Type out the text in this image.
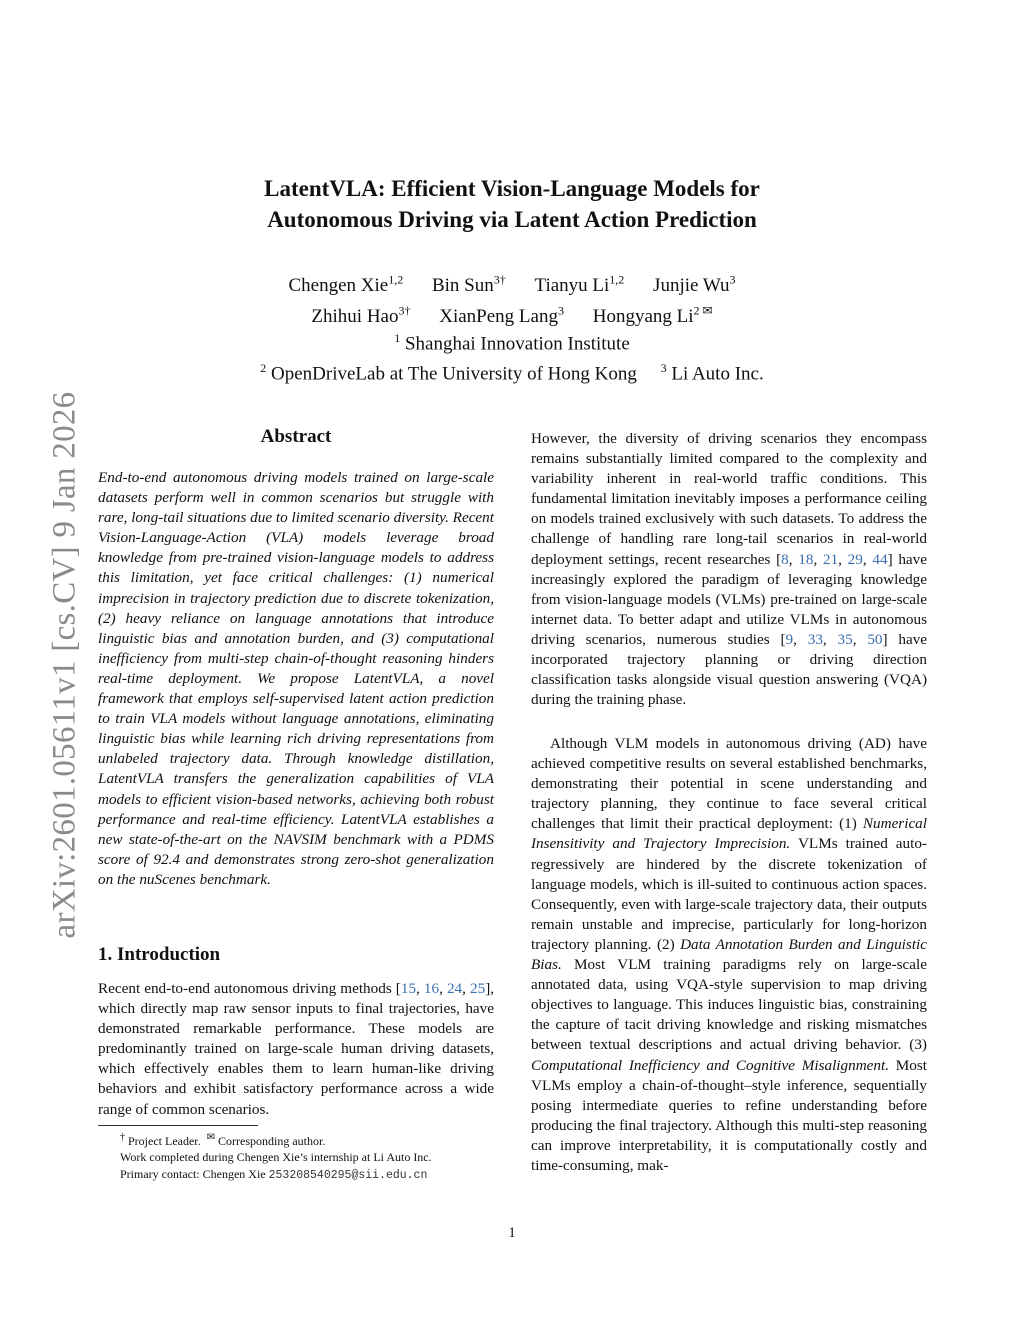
arXiv:2601.05611v1 [cs.CV] 9 Jan 2026
LatentVLA: Efficient Vision-Language Models for
Autonomous Driving via Latent Action Prediction
Chengen Xie$^{1,2}$ Bin Sun$^{3\dagger}$ Tianyu Li$^{1,2}$ Junjie Wu$^3$
Zhihui Hao$^{3\dagger}$ XianPeng Lang$^3$ Hongyang $Li^{2 ✉}$
$^1$ Shanghai Innovation Institute
$^2$ OpenDriveLab at The University of Hong Kong $^3$ Li Auto Inc.
Abstract

End-to-end autonomous driving models trained on large-scale datasets perform well in common scenarios but struggle with rare, long-tail situations due to limited scenario diversity. Recent Vision-Language-Action (VLA) models leverage broad knowledge from pre-trained vision-language models to address this limitation, yet face critical challenges: (1) numerical imprecision in trajectory prediction due to discrete tokenization, (2) heavy reliance on language annotations that introduce linguistic bias and annotation burden, and (3) computational inefficiency from multi-step chain-of-thought reasoning hinders real-time deployment. We propose LatentVLA, a novel framework that employs self-supervised latent action prediction to train VLA models without language annotations, eliminating linguistic bias while learning rich driving representations from unlabeled trajectory data. Through knowledge distillation, LatentVLA transfers the generalization capabilities of VLA models to efficient vision-based networks, achieving both robust performance and real-time efficiency. LatentVLA establishes a new state-of-the-art on the NAVSIM benchmark with a PDMS score of 92.4 and demonstrates strong zero-shot generalization on the nuScenes benchmark.

1. Introduction

Recent end-to-end autonomous driving methods [15, 16, 24, 25], which directly map raw sensor inputs to final trajectories, have demonstrated remarkable performance. These models are predominantly trained on large-scale human driving datasets, which effectively enables them to learn human-like driving behaviors and exhibit satisfactory performance across a wide range of common scenarios.

† Project Leader. ✉ Corresponding author.
Work completed during Chengen Xie’s internship at Li Auto Inc.
Primary contact: Chengen Xie 253208540295@sii.edu.cn

However, the diversity of driving scenarios they encompass remains substantially limited compared to the complexity and variability inherent in real-world traffic conditions. This fundamental limitation inevitably imposes a performance ceiling on models trained exclusively with such datasets. To address the challenge of handling rare long-tail scenarios in real-world deployment settings, recent researches [8, 18, 21, 29, 44] have increasingly explored the paradigm of leveraging knowledge from vision-language models (VLMs) pre-trained on large-scale internet data. To better adapt and utilize VLMs in autonomous driving scenarios, numerous studies [9, 33, 35, 50] have incorporated trajectory planning or driving direction classification tasks alongside visual question answering (VQA) during the training phase.

Although VLM models in autonomous driving (AD) have achieved competitive results on several established benchmarks, demonstrating their potential in scene understanding and trajectory planning, they continue to face several critical challenges that limit their practical deployment: (1) Numerical Insensitivity and Trajectory Imprecision. VLMs trained auto-regressively are hindered by the discrete tokenization of language models, which is ill-suited to continuous action spaces. Consequently, even with large-scale trajectory data, their outputs remain unstable and imprecise, particularly for long-horizon trajectory planning. (2) Data Annotation Burden and Linguistic Bias. Most VLM training paradigms rely on large-scale annotated data, using VQA-style supervision to map driving objectives to language. This induces linguistic bias, constraining the capture of tacit driving knowledge and risking mismatches between textual descriptions and actual driving behavior. (3) Computational Inefficiency and Cognitive Misalignment. Most VLMs employ a chain-of-thought–style inference, sequentially posing intermediate queries to refine understanding before producing the final trajectory. Although this multi-step reasoning can improve interpretability, it is computationally costly and time-consuming, mak-

1
